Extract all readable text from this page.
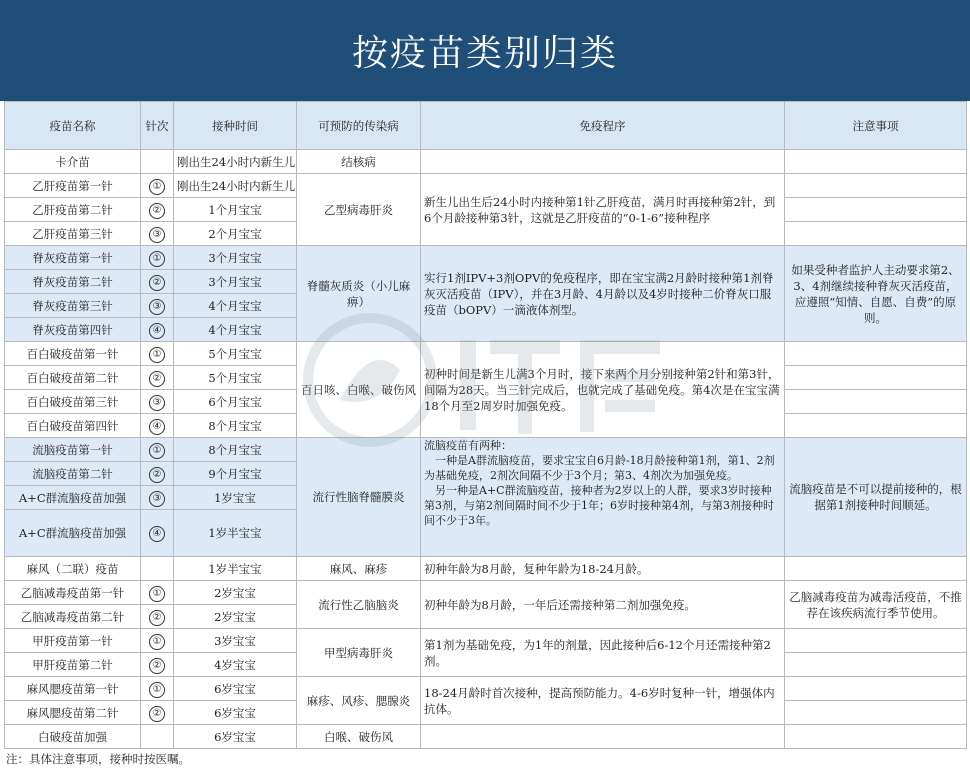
按疫苗类别归类
疫苗名称	针次	接种时间	可预防的传染病	免疫程序	注意事项
卡介苗		刚出生24小时内新生儿	结核病		
乙肝疫苗第一针	①	刚出生24小时内新生儿	乙型病毒肝炎	新生儿出生后24小时内接种第1针乙肝疫苗，满月时再接种第2针，到6个月龄接种第3针，这就是乙肝疫苗的“0-1-6”接种程序	
乙肝疫苗第二针	②	1个月宝宝			
乙肝疫苗第三针	③	2个月宝宝			
脊灰疫苗第一针	①	3个月宝宝	脊髓灰质炎（小儿麻痹）	实行1剂IPV+3剂OPV的免疫程序，即在宝宝满2月龄时接种第1剂脊灰灭活疫苗（IPV），并在3月龄、4月龄以及4岁时接种二价脊灰口服疫苗（bOPV）一滴液体剂型。	如果受种者监护人主动要求第2、3、4剂继续接种脊灰灭活疫苗，应遵照“知情、自愿、自费”的原则。
脊灰疫苗第二针	②	3个月宝宝			
脊灰疫苗第三针	③	4个月宝宝			
脊灰疫苗第四针	④	4个月宝宝			
百白破疫苗第一针	①	5个月宝宝	百日咳、白喉、破伤风	初种时间是新生儿满3个月时，接下来两个月分别接种第2针和第3针，间隔为28天。当三针完成后，也就完成了基础免疫。第4次是在宝宝满18个月至2周岁时加强免疫。	
百白破疫苗第二针	②	5个月宝宝			
百白破疫苗第三针	③	6个月宝宝			
百白破疫苗第四针	④	8个月宝宝			
流脑疫苗第一针	①	8个月宝宝	流行性脑脊髓膜炎	流脑疫苗有两种：
　一种是A群流脑疫苗，要求宝宝自6月龄-18月龄接种第1剂，第1、2剂为基础免疫，2剂次间隔不少于3个月；第3、4剂次为加强免疫。
　另一种是A+C群流脑疫苗，接种者为2岁以上的人群，要求3岁时接种第3剂，与第2剂间隔时间不少于1年；6岁时接种第4剂，与第3剂接种时间不少于3年。	流脑疫苗是不可以提前接种的，根据第1剂接种时间顺延。
流脑疫苗第二针	②	9个月宝宝			
A+C群流脑疫苗加强	③	1岁宝宝			
A+C群流脑疫苗加强	④	1岁半宝宝			
麻风（二联）疫苗		1岁半宝宝	麻风、麻疹	初种年龄为8月龄，复种年龄为18-24月龄。	
乙脑减毒疫苗第一针	①	2岁宝宝	流行性乙脑脑炎	初种年龄为8月龄，一年后还需接种第二剂加强免疫。	乙脑减毒疫苗为减毒活疫苗，不推荐在该疾病流行季节使用。
乙脑减毒疫苗第二针	②	2岁宝宝			
甲肝疫苗第一针	①	3岁宝宝	甲型病毒肝炎	第1剂为基础免疫，为1年的剂量，因此接种后6-12个月还需接种第2剂。	
甲肝疫苗第二针	②	4岁宝宝			
麻风腮疫苗第一针	①	6岁宝宝	麻疹、风疹、腮腺炎	18-24月龄时首次接种，提高预防能力。4-6岁时复种一针，增强体内抗体。	
麻风腮疫苗第二针	②	6岁宝宝			
白破疫苗加强		6岁宝宝	白喉、破伤风		
注：具体注意事项，接种时按医嘱。
